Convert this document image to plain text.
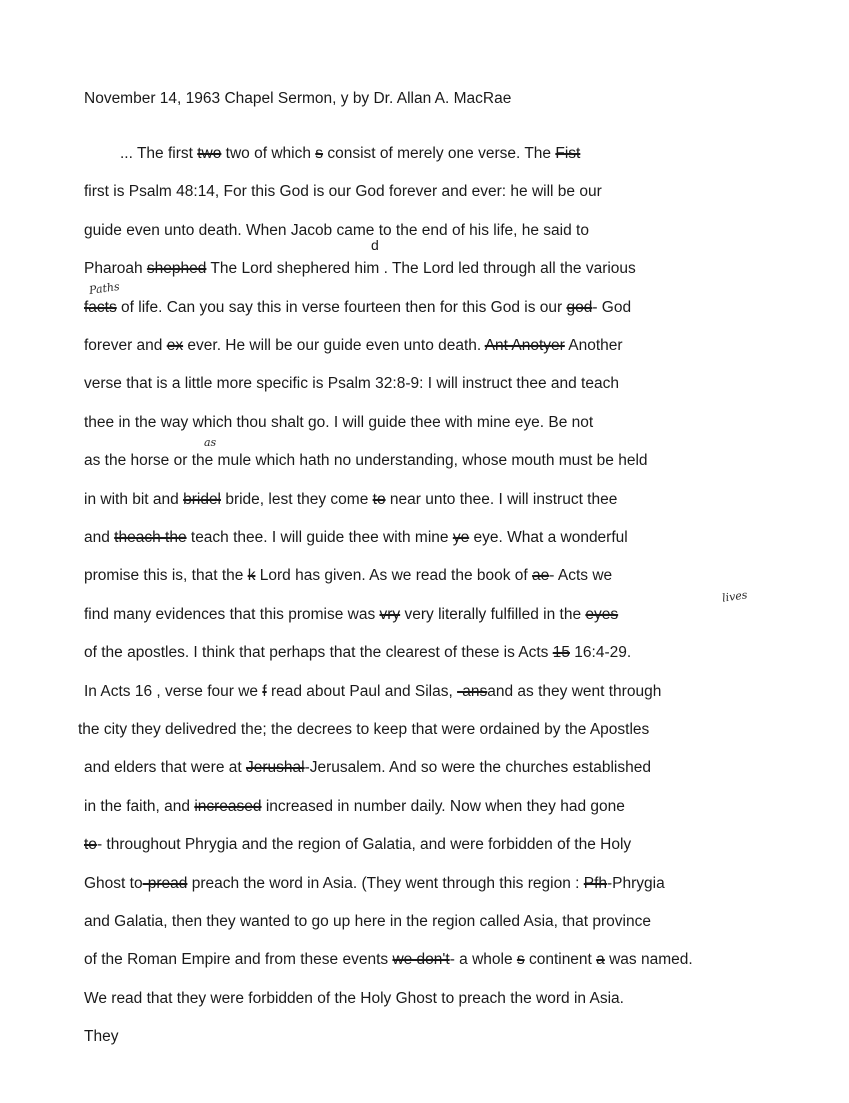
November 14, 1963 Chapel Sermon, y by Dr. Allan A. MacRae
... The first two two of which s consist of merely one verse. The Fist
first is Psalm 48:14, For this God is our God forever and ever: he will be our
guide even unto death. When Jacob came to the end of his life, he said to
Pharoah shephed The Lord shephered him . The Lord led through all the various
facts of life. Can you say this in verse fourteen then for this God is our god- God
forever and ex ever. He will be our guide even unto death. Ant Anotyer Another
verse that is a little more specific is Psalm 32:8-9: I will instruct thee and teach
thee in the way which thou shalt go. I will guide thee with mine eye. Be not
as the horse or the mule which hath no understanding, whose mouth must be held
in with bit and bridel bride, lest they come to near unto thee. I will instruct thee
and theach the teach thee. I will guide thee with mine ye eye. What a wonderful
promise this is, that the k Lord has given. As we read the book of ae- Acts we
find many evidences that this promise was vry very literally fulfilled in the eyes
of the apostles. I think that perhaps that the clearest of these is Acts 15 16:4-29.
In Acts 16 , verse four we f read about Paul and Silas, -ansand as they went through
the city they delivedred the; the decrees to keep that were ordained by the Apostles
and elders that were at Jerushal-Jerusalem. And so were the churches established
in the faith, and increased increased in number daily. Now when they had gone
to- throughout Phrygia and the region of Galatia, and were forbidden of the Holy
Ghost to-pread preach the word in Asia. (They went through this region : Pfh-Phrygia
and Galatia, then they wanted to go up here in the region called Asia, that province
of the Roman Empire and from these events we don't- a whole s continent a was named.
We read that they were forbidden of the Holy Ghost to preach the word in Asia.
They
Paths
as
lives
d
